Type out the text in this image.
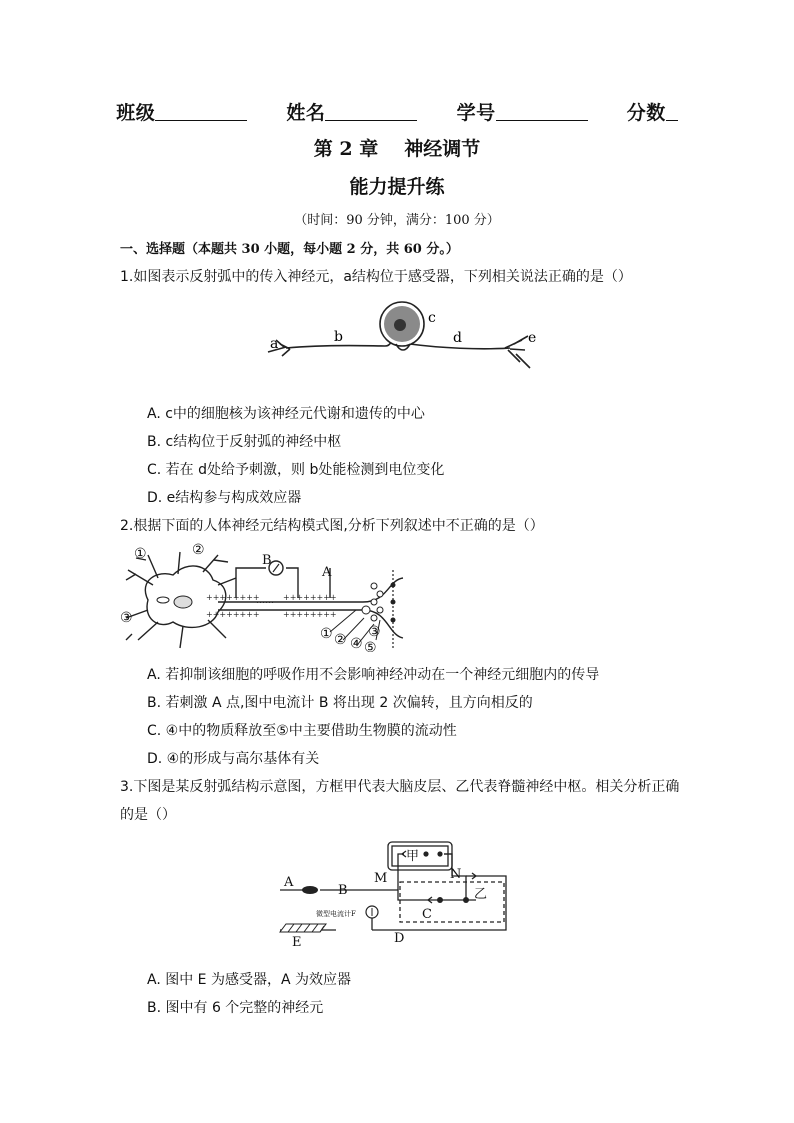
班级	姓名	学号	分数
第 2 章 神经调节
能力提升练
（时间：90 分钟，满分：100 分）
一、选择题（本题共 30 小题，每小题 2 分，共 60 分。）
1.如图表示反射弧中的传入神经元，a结构位于感受器，下列相关说法正确的是（）
a	b
c
d	e
A. c中的细胞核为该神经元代谢和遗传的中心
B. c结构位于反射弧的神经中枢
C. 若在 d处给予刺激，则 b处能检测到电位变化
D. e结构参与构成效应器
2.根据下面的人体神经元结构模式图,分析下列叙述中不正确的是（）
++++++++
++++++++
++++++++
++++++++
……
①	②
③
B
A
① ② ④
③
⑤
A. 若抑制该细胞的呼吸作用不会影响神经冲动在一个神经元细胞内的传导
B. 若刺激 A 点,图中电流计 B 将出现 2 次偏转，且方向相反的
C. ④中的物质释放至⑤中主要借助生物膜的流动性
D. ④的形成与高尔基体有关
3.下图是某反射弧结构示意图，方框甲代表大脑皮层、乙代表脊髓神经中枢。相关分析正确
的是（）
甲
A
B
M	N
乙
C
微型电流计F
E	D
A. 图中 E 为感受器，A 为效应器
B. 图中有 6 个完整的神经元
